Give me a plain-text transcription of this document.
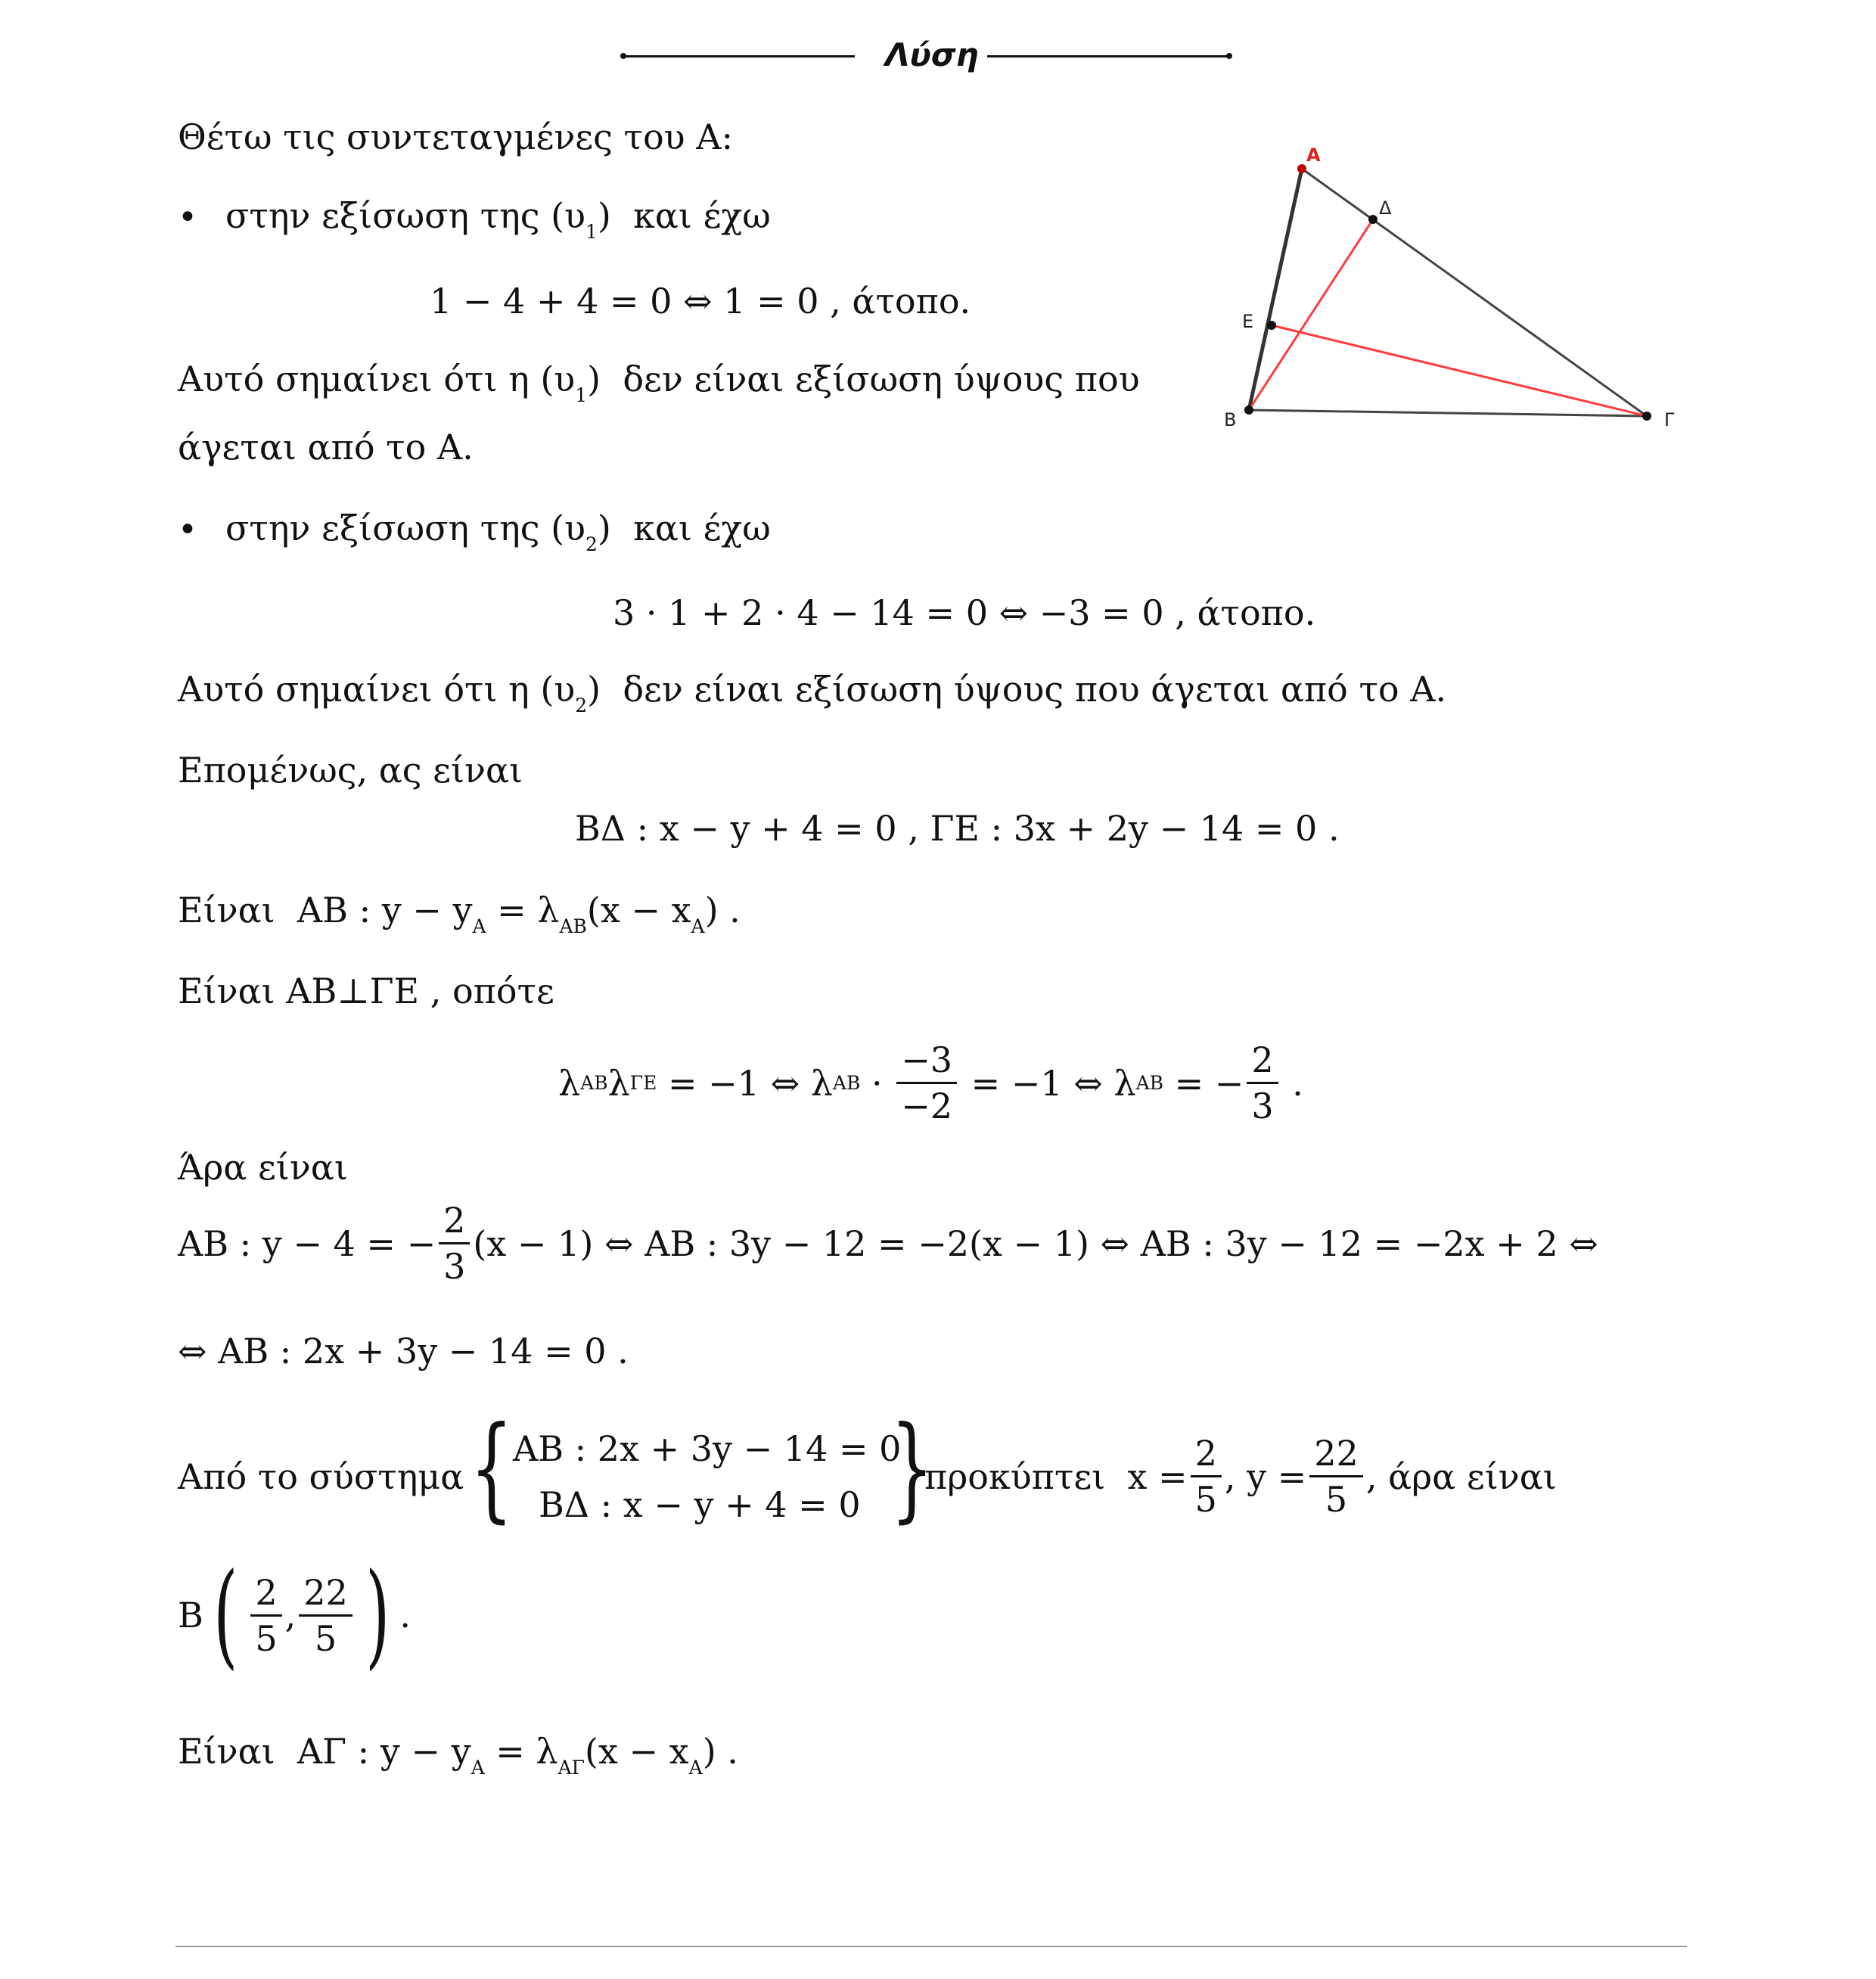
Λύση
A
Δ
Ε
Β	Γ
Θέτω τις συντεταγμένες του Α:
• στην εξίσωση της $(\upsilon_1)$  και έχω
1 − 4 + 4 = 0 ⇔ 1 = 0 , άτοπο.
Αυτό σημαίνει ότι η $(\upsilon_1)$  δεν είναι εξίσωση ύψους που
άγεται από το Α.
• στην εξίσωση της $(\upsilon_2)$  και έχω
3 · 1 + 2 · 4 − 14 = 0 ⇔ −3 = 0 , άτοπο.
Αυτό σημαίνει ότι η $(\upsilon_2)$  δεν είναι εξίσωση ύψους που άγεται από το Α.
Επομένως, ας είναι
ΒΔ : x − y + 4 = 0 , ΓΕ : 3x + 2y − 14 = 0 .
Είναι  ΑΒ : $y - y_A = \lambda_{AB}(x - x_A)$ .
Είναι ΑΒ⊥ΓΕ , οπότε
λ ΑΒ λ ΓΕ = −1 ⇔ λ $AB \cdot \frac{-3}{-2} = -1$ ⇔ λ ΑΒ = − $\frac{2}{3}$ .
Άρα είναι
ΑΒ : y − 4 = − $\frac{2}{3} (x - 1)$ ⇔ ΑΒ : 3y − 12 = −2(x − 1) ⇔ ΑΒ : 3y − 12 = −2x + 2 ⇔
⇔ ΑΒ : 2x + 3y − 14 = 0 .
Από το σύστημα { ΑΒ : 2x + 3y − 14 = 0
ΒΔ : x − y + 4 = 0 }
προκύπτει  $x = \frac{2}{5}$ , $y = \frac{22}{5}$ , άρα είναι
Β ( $\frac{2}{5}$ , $\frac{22}{5}$ ) .
Είναι  ΑΓ : $y - y_A = \lambda_{A\Gamma}(x - x_A)$ .
